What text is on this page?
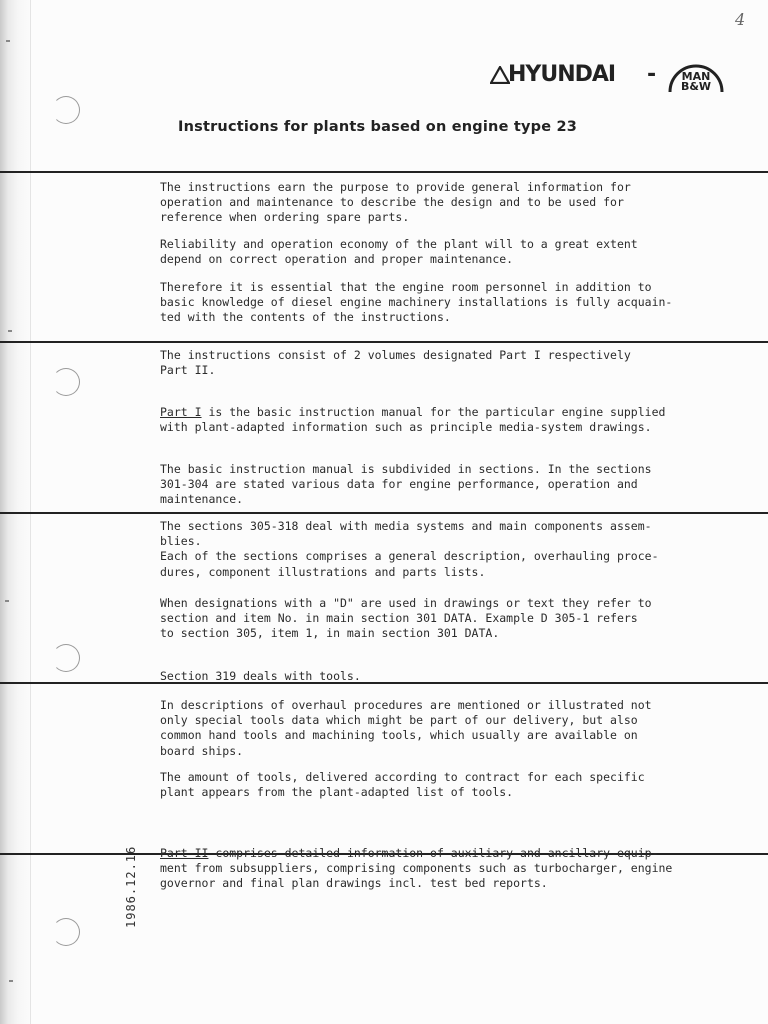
4
HYUNDAI - MAN
B&W
Instructions for plants based on engine type 23
The instructions earn the purpose to provide general information for
operation and maintenance to describe the design and to be used for
reference when ordering spare parts.
Reliability and operation economy of the plant will to a great extent
depend on correct operation and proper maintenance.
Therefore it is essential that the engine room personnel in addition to
basic knowledge of diesel engine machinery installations is fully acquain-
ted with the contents of the instructions.
The instructions consist of 2 volumes designated Part I respectively
Part II.
Part I is the basic instruction manual for the particular engine supplied
with plant-adapted information such as principle media-system drawings.
The basic instruction manual is subdivided in sections. In the sections
301-304 are stated various data for engine performance, operation and
maintenance.
The sections 305-318 deal with media systems and main components assem-
blies.
Each of the sections comprises a general description, overhauling proce-
dures, component illustrations and parts lists.
When designations with a "D" are used in drawings or text they refer to
section and item No. in main section 301 DATA. Example D 305-1 refers
to section 305, item 1, in main section 301 DATA.
Section 319 deals with tools.
In descriptions of overhaul procedures are mentioned or illustrated not
only special tools data which might be part of our delivery, but also
common hand tools and machining tools, which usually are available on
board ships.
The amount of tools, delivered according to contract for each specific
plant appears from the plant-adapted list of tools.
Part II comprises detailed information of auxiliary and ancillary equip-
ment from subsuppliers, comprising components such as turbocharger, engine
governor and final plan drawings incl. test bed reports.
1986.12.16
